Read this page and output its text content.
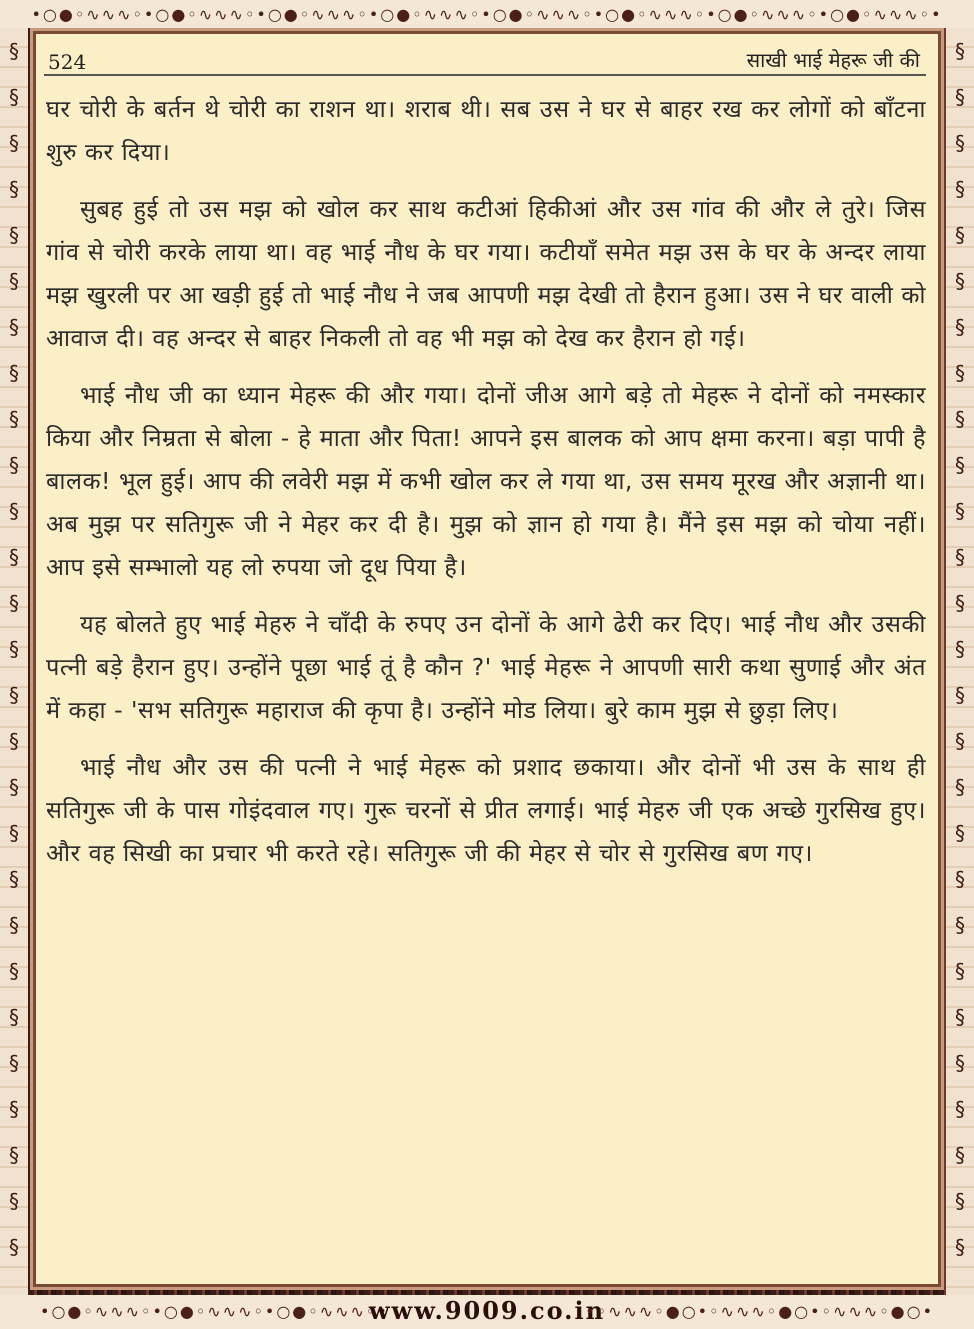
•○●◦∿∿∿◦•○●◦∿∿∿◦•○●◦∿∿∿◦•○●◦∿∿∿◦•○●◦∿∿∿◦•○●◦∿∿∿◦•○●◦∿∿∿◦•○●◦∿∿∿◦•
§
§
§
§
§
§
§
§
§
§
§
§
§
§
§
§
§
§
§
§
§
§
§
§
§
§
§
§
§
§
§
§
§
§
§
§
§
§
§
§
§
§
§
§
§
§
§
§
§
§
§
§
§
§
524	साखी भाई मेहरू जी की

घर चोरी के बर्तन थे चोरी का राशन था। शराब थी। सब उस ने घर से बाहर रख कर लोगों को बाँटना शुरु कर दिया।

सुबह हुई तो उस मझ को खोल कर साथ कटीआं हिकीआं और उस गांव की और ले तुरे। जिस गांव से चोरी करके लाया था। वह भाई नौध के घर गया। कटीयाँ समेत मझ उस के घर के अन्दर लाया मझ खुरली पर आ खड़ी हुई तो भाई नौध ने जब आपणी मझ देखी तो हैरान हुआ। उस ने घर वाली को आवाज दी। वह अन्दर से बाहर निकली तो वह भी मझ को देख कर हैरान हो गई।

भाई नौध जी का ध्यान मेहरू की और गया। दोनों जीअ आगे बड़े तो मेहरू ने दोनों को नमस्कार किया और निम्रता से बोला - हे माता और पिता! आपने इस बालक को आप क्षमा करना। बड़ा पापी है बालक! भूल हुई। आप की लवेरी मझ में कभी खोल कर ले गया था, उस समय मूरख और अज्ञानी था। अब मुझ पर सतिगुरू जी ने मेहर कर दी है। मुझ को ज्ञान हो गया है। मैंने इस मझ को चोया नहीं। आप इसे सम्भालो यह लो रुपया जो दूध पिया है।

यह बोलते हुए भाई मेहरु ने चाँदी के रुपए उन दोनों के आगे ढेरी कर दिए। भाई नौध और उसकी पत्नी बड़े हैरान हुए। उन्होंने पूछा भाई तूं है कौन ?' भाई मेहरू ने आपणी सारी कथा सुणाई और अंत में कहा - 'सभ सतिगुरू महाराज की कृपा है। उन्होंने मोड लिया। बुरे काम मुझ से छुड़ा लिए।

भाई नौध और उस की पत्नी ने भाई मेहरू को प्रशाद छकाया। और दोनों भी उस के साथ ही सतिगुरू जी के पास गोइंदवाल गए। गुरू चरनों से प्रीत लगाई। भाई मेहरु जी एक अच्छे गुरसिख हुए। और वह सिखी का प्रचार भी करते रहे। सतिगुरू जी की मेहर से चोर से गुरसिख बण गए।

•○●◦∿∿∿◦•○●◦∿∿∿◦•○●◦∿∿∿◦•
www.9009.co.in
•◦∿∿∿◦●○•◦∿∿∿◦●○•◦∿∿∿◦●○•
